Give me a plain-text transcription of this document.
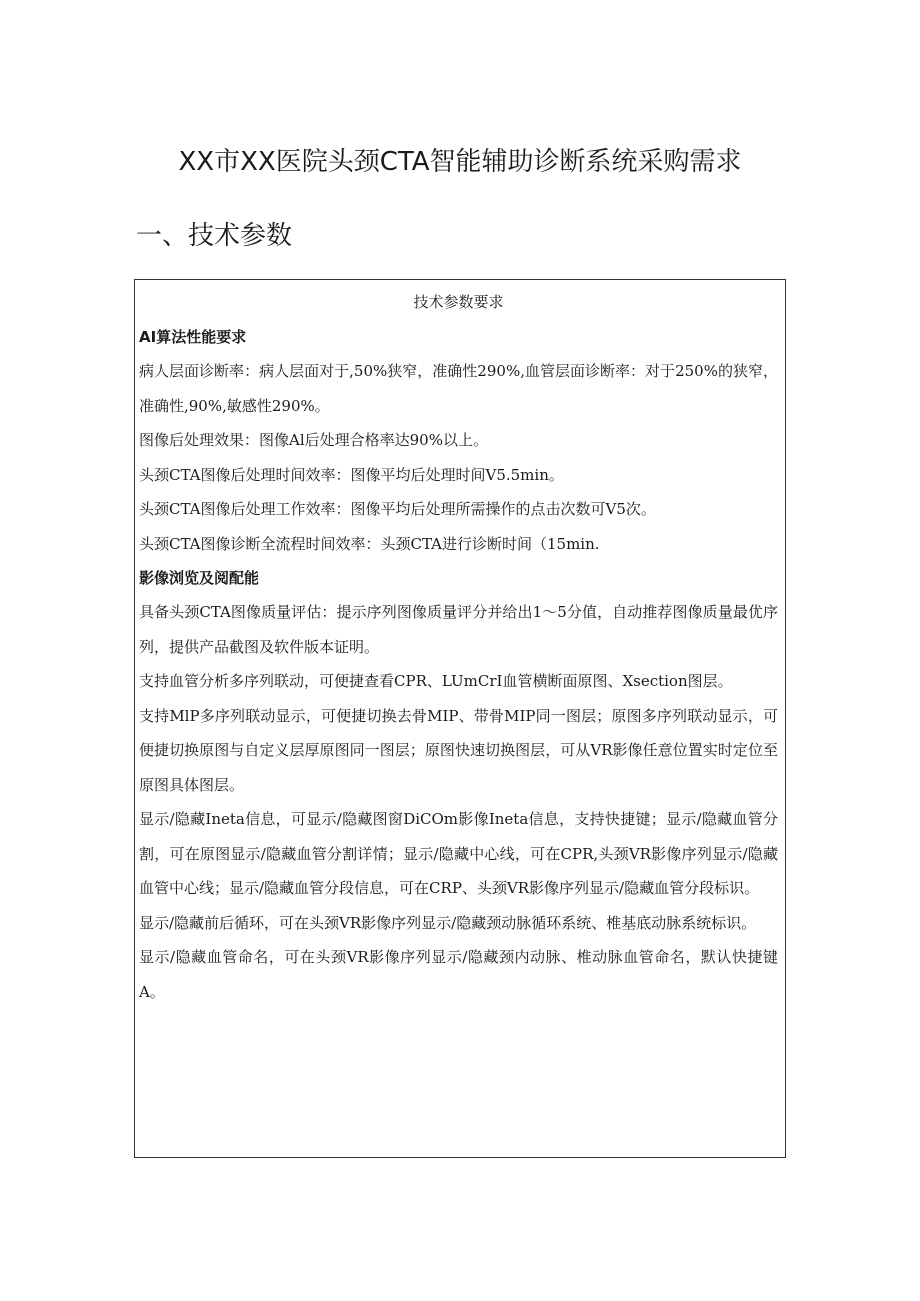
XX市XX医院头颈CTA智能辅助诊断系统采购需求
一、技术参数
技术参数要求
AI算法性能要求

病人层面诊断率：病人层面对于,50%狭窄，准确性290%,血管层面诊断率：对于250%的狭窄，准确性,90%,敏感性290%。

图像后处理效果：图像Al后处理合格率达90%以上。

头颈CTA图像后处理时间效率：图像平均后处理时间V5.5min。

头颈CTA图像后处理工作效率：图像平均后处理所需操作的点击次数可V5次。

头颈CTA图像诊断全流程时间效率：头颈CTA进行诊断时间（15min.

影像浏览及阅配能

具备头颈CTA图像质量评估：提示序列图像质量评分并给出1～5分值，自动推荐图像质量最优序列，提供产品截图及软件版本证明。

支持血管分析多序列联动，可便捷查看CPR、LUmCrI血管横断面原图、Xsection图层。

支持MlP多序列联动显示，可便捷切换去骨MIP、带骨MIP同一图层；原图多序列联动显示，可便捷切换原图与自定义层厚原图同一图层；原图快速切换图层，可从VR影像任意位置实时定位至原图具体图层。

显示/隐藏Ineta信息，可显示/隐藏图窗DiCOm影像Ineta信息，支持快捷键；显示/隐藏血管分割，可在原图显示/隐藏血管分割详情；显示/隐藏中心线，可在CPR,头颈VR影像序列显示/隐藏血管中心线；显示/隐藏血管分段信息，可在CRP、头颈VR影像序列显示/隐藏血管分段标识。

显示/隐藏前后循环，可在头颈VR影像序列显示/隐藏颈动脉循环系统、椎基底动脉系统标识。

显示/隐藏血管命名，可在头颈VR影像序列显示/隐藏颈内动脉、椎动脉血管命名，默认快捷键A。
